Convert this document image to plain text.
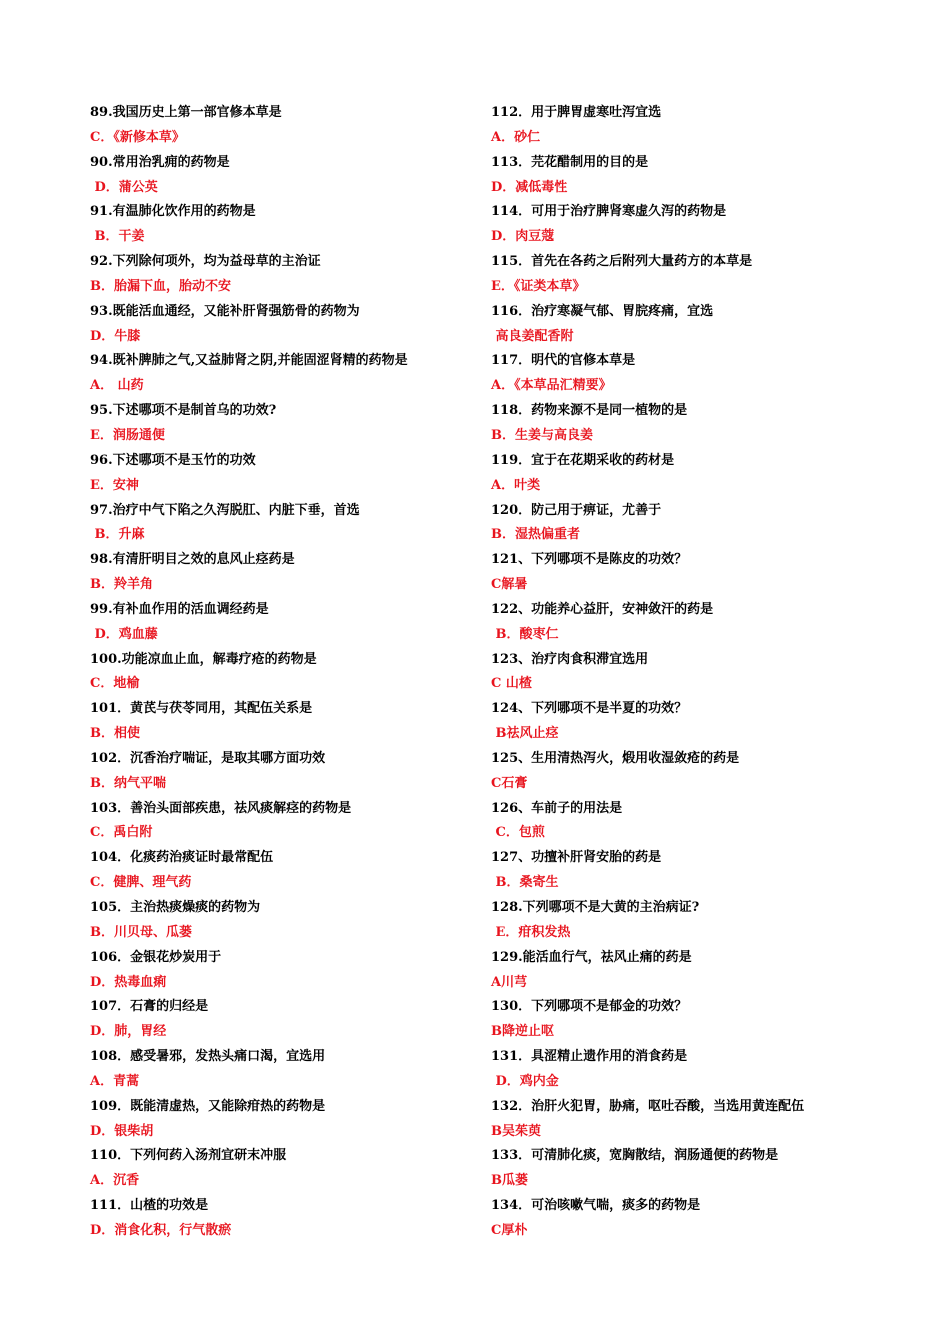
89.我国历史上第一部官修本草是
C．《新修本草》
90.常用治乳痈的药物是
D．蒲公英
91.有温肺化饮作用的药物是
B．干姜
92.下列除何项外，均为益母草的主治证
B．胎漏下血，胎动不安
93.既能活血通经，又能补肝肾强筋骨的药物为
D．牛膝
94.既补脾肺之气,又益肺肾之阴,并能固涩肾精的药物是
A． 山药
95.下述哪项不是制首乌的功效?
E．润肠通便
96.下述哪项不是玉竹的功效
E．安神
97.治疗中气下陷之久泻脱肛、内脏下垂，首选
B．升麻
98.有清肝明目之效的息风止痉药是
B．羚羊角
99.有补血作用的活血调经药是
D．鸡血藤
100.功能凉血止血，解毒疗疮的药物是
C．地榆
101．黄芪与茯苓同用，其配伍关系是
B．相使
102．沉香治疗喘证，是取其哪方面功效
B．纳气平喘
103．善治头面部疾患，祛风痰解痉的药物是
C．禹白附
104．化痰药治痰证时最常配伍
C．健脾、理气药
105．主治热痰燥痰的药物为
B．川贝母、瓜蒌
106．金银花炒炭用于
D．热毒血痢
107．石膏的归经是
D．肺，胃经
108．感受暑邪，发热头痛口渴，宜选用
A．青蒿
109．既能清虚热，又能除疳热的药物是
D．银柴胡
110．下列何药入汤剂宜研末冲服
A．沉香
111．山楂的功效是
D．消食化积，行气散瘀
112．用于脾胃虚寒吐泻宜选
A．砂仁
113．芫花醋制用的目的是
D．减低毒性
114．可用于治疗脾肾寒虚久泻的药物是
D．肉豆蔻
115．首先在各药之后附列大量药方的本草是
E．《证类本草》
116．治疗寒凝气郁、胃脘疼痛，宜选
高良姜配香附
117．明代的官修本草是
A．《本草品汇精要》
118．药物来源不是同一植物的是
B．生姜与高良姜
119．宜于在花期采收的药材是
A．叶类
120．防己用于痹证，尤善于
B．湿热偏重者
121、下列哪项不是陈皮的功效？
C解暑
122、功能养心益肝，安神敛汗的药是
B．酸枣仁
123、治疗肉食积滞宜选用
C 山楂
124、下列哪项不是半夏的功效？
B祛风止痉
125、生用清热泻火，煅用收湿敛疮的药是
C石膏
126、车前子的用法是
C．包煎
127、功擅补肝肾安胎的药是
B．桑寄生
128.下列哪项不是大黄的主治病证?
E．疳积发热
129.能活血行气，祛风止痛的药是
A川芎
130．下列哪项不是郁金的功效？
B降逆止呕
131．具涩精止遗作用的消食药是
D．鸡内金
132．治肝火犯胃，胁痛，呕吐吞酸，当选用黄连配伍
B吴茱萸
133．可清肺化痰，宽胸散结，润肠通便的药物是
B瓜蒌
134．可治咳嗽气喘，痰多的药物是
C厚朴
